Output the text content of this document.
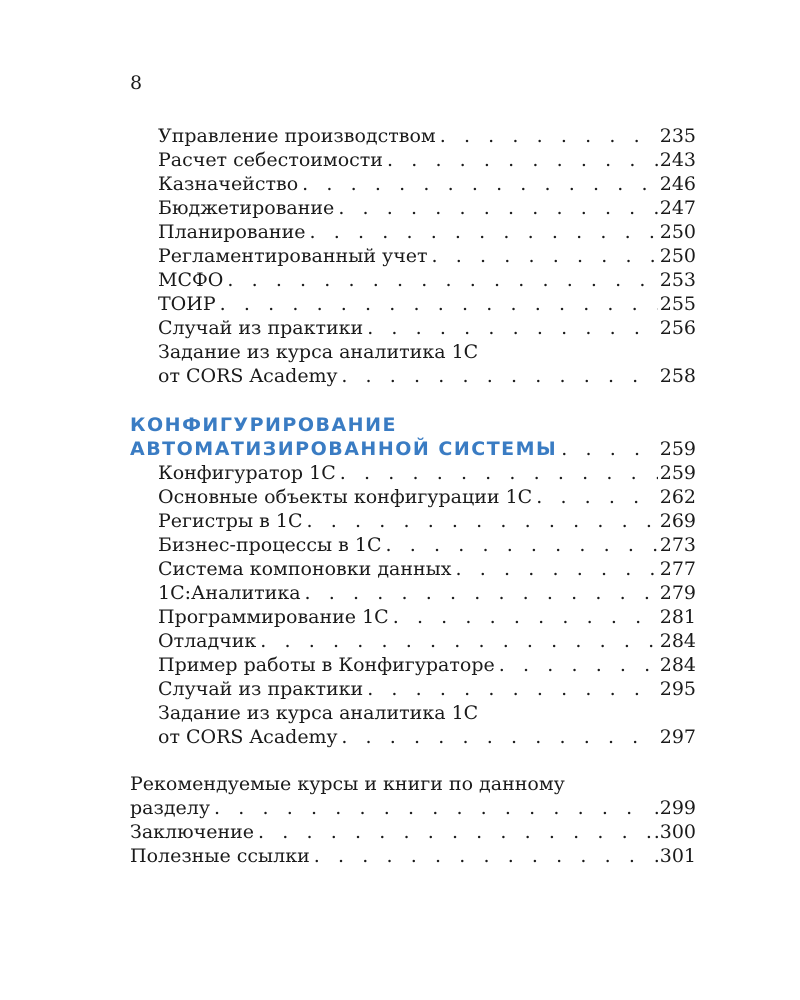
8
Управление производством . . .	235
Расчет себестоимости . . .	243
Казначейство . . .	246
Бюджетирование . . .	247
Планирование . . .	250
Регламентированный учет . . .	250
МСФО . . .	253
ТОИР . . .	255
Случай из практики . . .	256
Задание из курса аналитика 1С
от CORS Academy . . .	258
КОНФИГУРИРОВАНИЕ
АВТОМАТИЗИРОВАННОЙ СИСТЕМЫ . . .	259
Конфигуратор 1С . . .	259
Основные объекты конфигурации 1С . . .	262
Регистры в 1С . . .	269
Бизнес-процессы в 1С . . .	273
Система компоновки данных . . .	277
1С:Аналитика . . .	279
Программирование 1С . . .	281
Отладчик . . .	284
Пример работы в Конфигураторе . . .	284
Случай из практики . . .	295
Задание из курса аналитика 1С
от CORS Academy . . .	297
Рекомендуемые курсы и книги по данному
разделу . . .	.299
Заключение . . .	.300
Полезные ссылки . . .	.301
